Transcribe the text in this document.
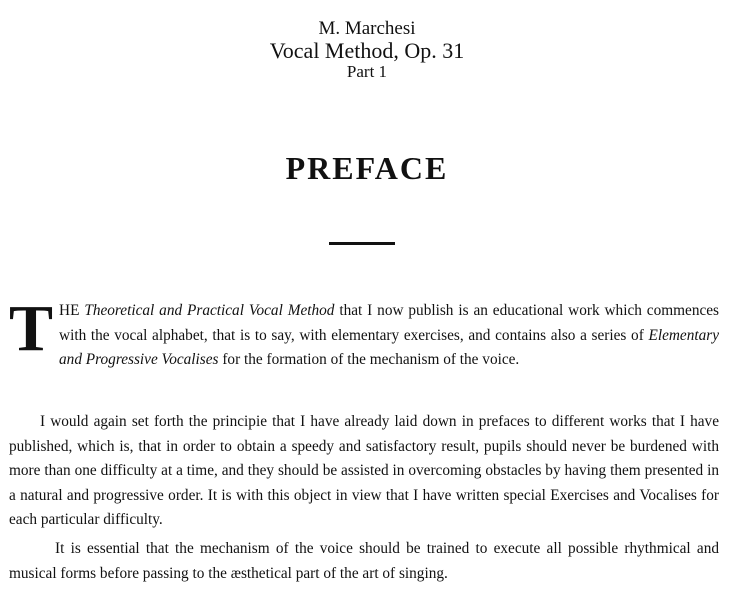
M. Marchesi
Vocal Method, Op. 31
Part 1
PREFACE

THE Theoretical and Practical Vocal Method that I now publish is an educational work which commences with the vocal alphabet, that is to say, with elementary exercises, and contains also a series of Elementary and Progressive Vocalises for the formation of the mechanism of the voice.

I would again set forth the principie that I have already laid down in prefaces to different works that I have published, which is, that in order to obtain a speedy and satisfactory result, pupils should never be burdened with more than one difficulty at a time, and they should be assisted in overcoming obstacles by having them presented in a natural and progressive order. It is with this object in view that I have written special Exercises and Vocalises for each particular difficulty.

It is essential that the mechanism of the voice should be trained to execute all possible rhythmical and musical forms before passing to the æsthetical part of the art of singing.
